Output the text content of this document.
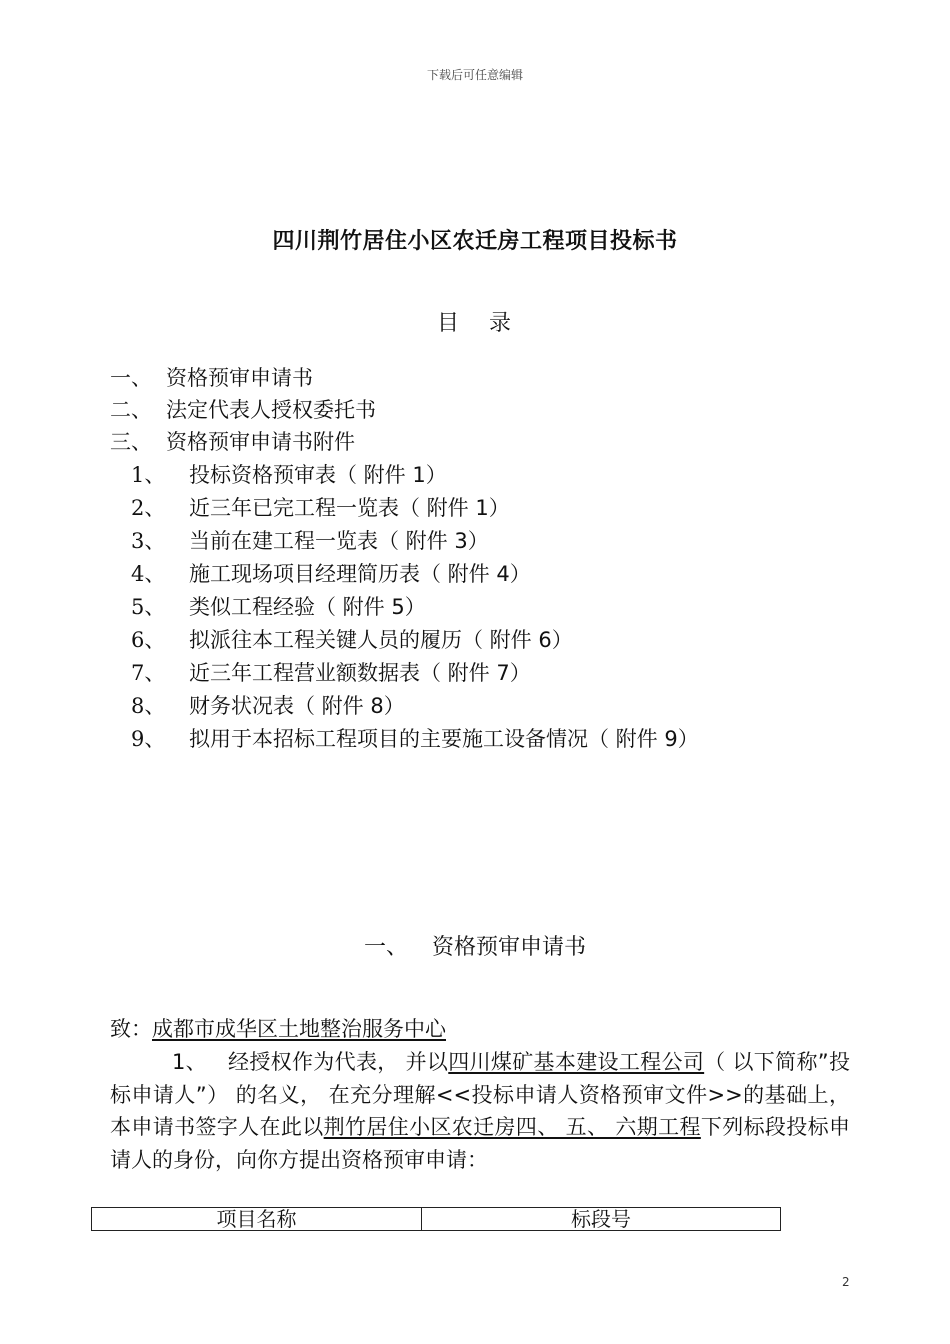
下载后可任意编辑
四川荆竹居住小区农迁房工程项目投标书
目 录
一、 资格预审申请书
二、 法定代表人授权委托书
三、 资格预审申请书附件
1、 投标资格预审表（ 附件 1）
2、 近三年已完工程一览表（ 附件 1）
3、 当前在建工程一览表（ 附件 3）
4、 施工现场项目经理简历表（ 附件 4）
5、 类似工程经验（ 附件 5）
6、 拟派往本工程关键人员的履历（ 附件 6）
7、 近三年工程营业额数据表（ 附件 7）
8、 财务状况表（ 附件 8）
9、 拟用于本招标工程项目的主要施工设备情况（ 附件 9）
一、 资格预审申请书
致：成都市成华区土地整治服务中心
1、 经授权作为代表， 并以四川煤矿基本建设工程公司（ 以下简称”投标申请人”） 的名义， 在充分理解<<投标申请人资格预审文件>>的基础上，本申请书签字人在此以荆竹居住小区农迁房四、 五、 六期工程下列标段投标申请人的身份，向你方提出资格预审申请：
项目名称	标段号
2
